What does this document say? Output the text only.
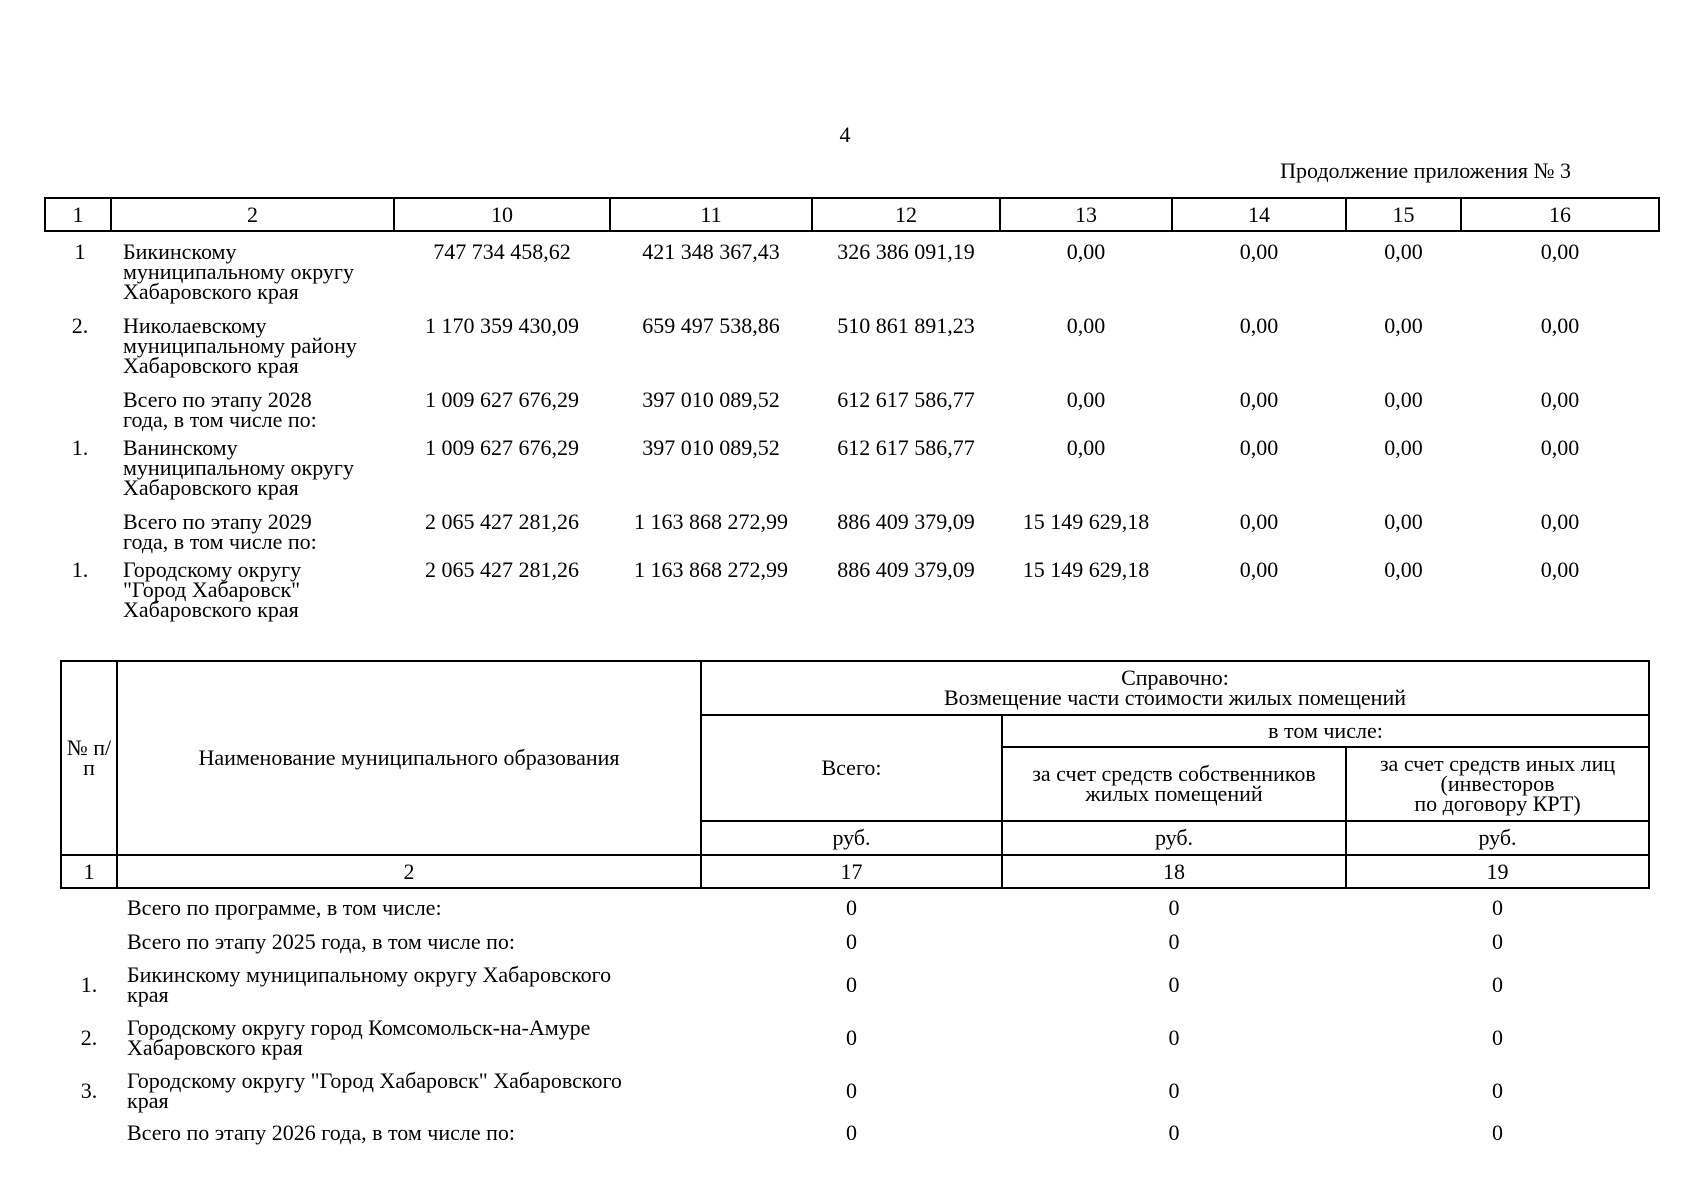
4
Продолжение приложения № 3
1	2	10	11	12	13	14	15	16
1	Бикинскому
муниципальному округу
Хабаровского края	747 734 458,62	421 348 367,43	326 386 091,19	0,00	0,00	0,00	0,00

2.	Николаевскому
муниципальному району
Хабаровского края	1 170 359 430,09	659 497 538,86	510 861 891,23	0,00	0,00	0,00	0,00

	Всего по этапу 2028
года, в том числе по:	1 009 627 676,29	397 010 089,52	612 617 586,77	0,00	0,00	0,00	0,00

1.	Ванинскому
муниципальному округу
Хабаровского края	1 009 627 676,29	397 010 089,52	612 617 586,77	0,00	0,00	0,00	0,00

	Всего по этапу 2029
года, в том числе по:	2 065 427 281,26	1 163 868 272,99	886 409 379,09	15 149 629,18	0,00	0,00	0,00

1.	Городскому округу
"Город Хабаровск"
Хабаровского края	2 065 427 281,26	1 163 868 272,99	886 409 379,09	15 149 629,18	0,00	0,00	0,00
№ п/п	Наименование муниципального образования	Справочно:
Возмещение части стоимости жилых помещений		

		Всего:	в том числе:	
			за счет средств собственников жилых помещений	за счет средств иных лиц
(инвесторов
по договору КРТ)

		руб.	руб.	руб.
1	2	17	18	19
	Всего по программе, в том числе:	0	0	0
	Всего по этапу 2025 года, в том числе по:	0	0	0
1.	Бикинскому муниципальному округу Хабаровского
края	0	0	0
2.	Городскому округу город Комсомольск-на-Амуре
Хабаровского края	0	0	0
3.	Городскому округу "Город Хабаровск" Хабаровского
края	0	0	0
	Всего по этапу 2026 года, в том числе по:	0	0	0
